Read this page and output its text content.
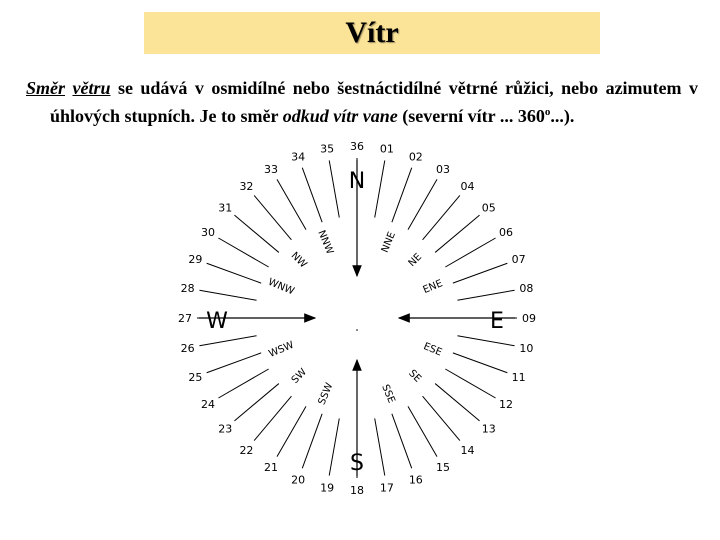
Vítr

Směr větru se udává v osmidílné nebo šestnáctidílné větrné růžici, nebo azimutem v úhlových stupních. Je to směr odkud vítr vane (severní vítr ... 360$^o$...).

36 01
02
03
04
05
06
07
08
09
10
11
12
13
14
15
16
17
18
19
20
21
22
23
24
25
26
27
28
29
30
31
32
33
34
35
N
E
S
W
NNE
NE
ENE
ESE
SE
SSE
SSW
SW
WSW
WNW
NW
NNW
